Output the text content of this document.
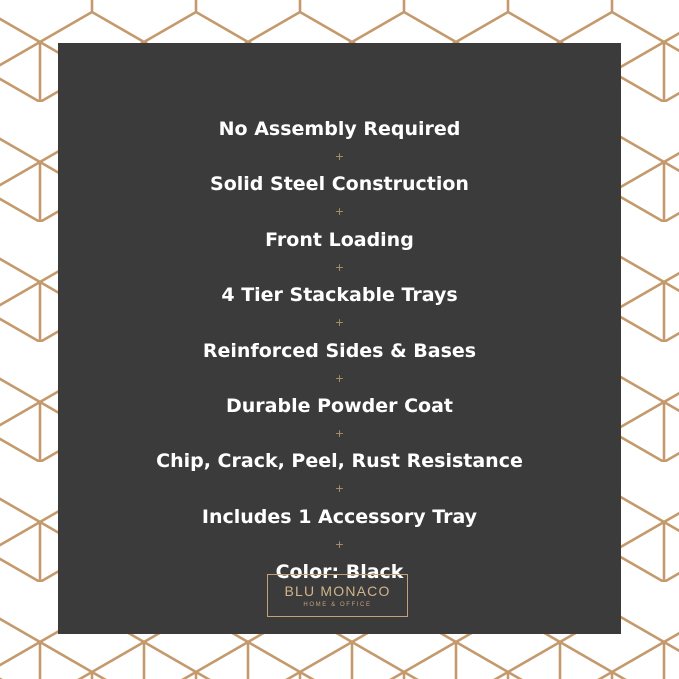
No Assembly Required
+
Solid Steel Construction
+
Front Loading
+
4 Tier Stackable Trays
+
Reinforced Sides & Bases
+
Durable Powder Coat
+
Chip, Crack, Peel, Rust Resistance
+
Includes 1 Accessory Tray
+
Color: Black
BLU MONACO
HOME & OFFICE
